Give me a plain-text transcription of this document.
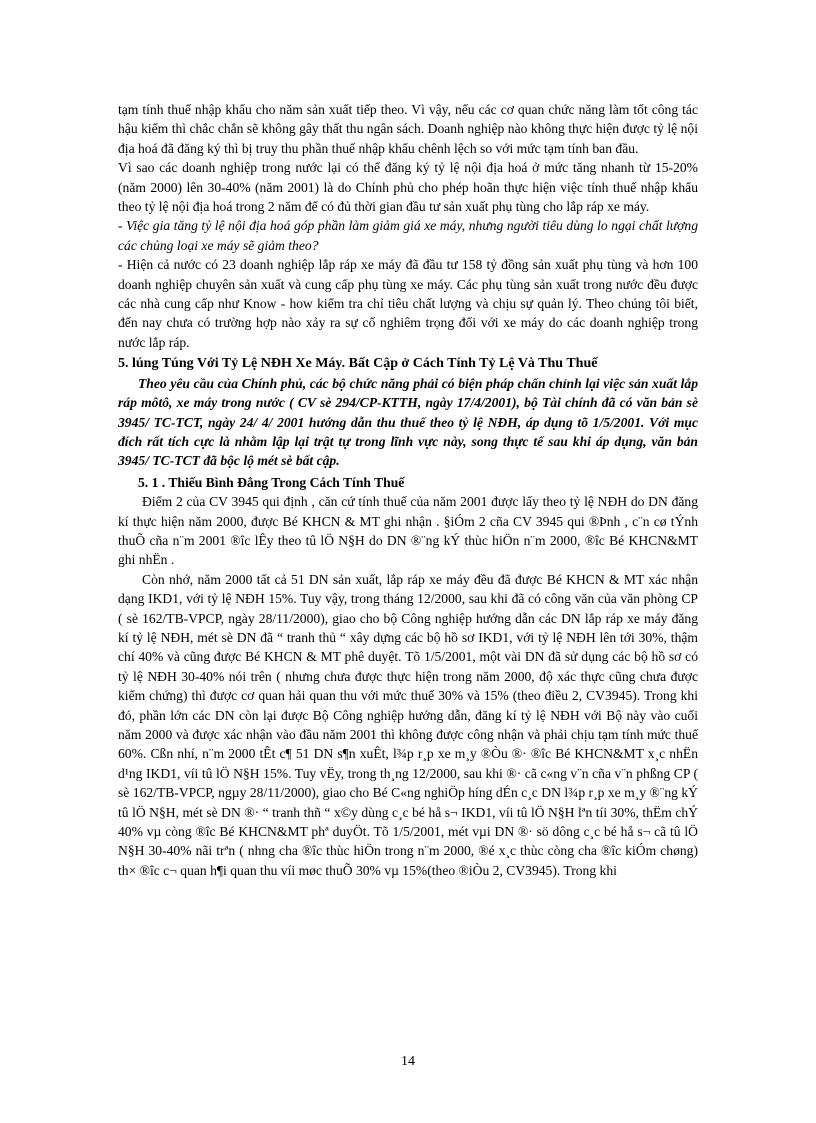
tạm tính thuế nhập khẩu cho năm sản xuất tiếp theo. Vì vậy, nếu các cơ quan chức năng làm tốt công tác hậu kiểm thì chắc chắn sẽ không gây thất thu ngân sách. Doanh nghiệp nào không thực hiện được tỷ lệ nội địa hoá đã đăng ký thì bị truy thu phần thuế nhập khẩu chênh lệch so với mức tạm tính ban đầu.

Vì sao các doanh nghiệp trong nước lại có thể đăng ký tỷ lệ nội địa hoá ở mức tăng nhanh từ 15-20% (năm 2000) lên 30-40% (năm 2001) là do Chính phủ cho phép hoãn thực hiện việc tính thuế nhập khẩu theo tỷ lệ nội địa hoá trong 2 năm để có đủ thời gian đầu tư sản xuất phụ tùng cho lắp ráp xe máy.

- Việc gia tăng tỷ lệ nội địa hoá góp phần làm giảm giá xe máy, nhưng người tiêu dùng lo ngại chất lượng các chủng loại xe máy sẽ giảm theo?

- Hiện cả nước có 23 doanh nghiệp lắp ráp xe máy đã đầu tư 158 tỷ đồng sản xuất phụ tùng và hơn 100 doanh nghiệp chuyên sản xuất và cung cấp phụ tùng xe máy. Các phụ tùng sản xuất trong nước đều được các nhà cung cấp như Know - how kiểm tra chỉ tiêu chất lượng và chịu sự quản lý. Theo chúng tôi biết, đến nay chưa có trường hợp nào xảy ra sự cố nghiêm trọng đối với xe máy do các doanh nghiệp trong nước lắp ráp.

5. lúng Túng Với Tỷ Lệ NĐH Xe Máy. Bất Cập ở Cách Tính Tỷ Lệ Và Thu Thuế

Theo yêu cầu của Chính phủ, các bộ chức năng phải có biện pháp chấn chỉnh lại việc sản xuất lắp ráp môtô, xe máy trong nước ( CV sè 294/CP-KTTH, ngày 17/4/2001), bộ Tài chính đã có văn bản sè 3945/ TC-TCT, ngày 24/ 4/ 2001 hướng dẫn thu thuế theo tỷ lệ NĐH, áp dụng tõ 1/5/2001. Với mục đích rất tích cực là nhằm lập lại trật tự trong lĩnh vực này, song thực tế sau khi áp dụng, văn bản 3945/ TC-TCT đã bộc lộ mét sè bất cập.

5. 1 . Thiếu Bình Đẳng Trong Cách Tính Thuế

Điểm 2 của CV 3945 qui định , căn cứ tính thuế của năm 2001 được lấy theo tỷ lệ NĐH do DN đăng kí thực hiện năm 2000, được Bé KHCN & MT ghi nhận . §iÓm 2 cña CV 3945 qui ®Þnh , c¨n cø tÝnh thuÕ cña n¨m 2001 ®îc lÊy theo tû lÖ N§H do DN ®¨ng kÝ thùc hiÖn n¨m 2000, ®îc Bé KHCN&MT ghi nhËn .

Còn nhớ, năm 2000 tất cả 51 DN sản xuất, lắp ráp xe máy đều đã được Bé KHCN & MT xác nhận dạng IKD1, với tỷ lệ NĐH 15%. Tuy vậy, trong tháng 12/2000, sau khi đã có công văn của văn phòng CP ( sè 162/TB-VPCP, ngày 28/11/2000), giao cho bộ Công nghiệp hướng dẫn các DN lắp ráp xe máy đăng kí tỷ lệ NĐH, mét sè DN đã “ tranh thủ “ xây dựng các bộ hồ sơ IKD1, với tỷ lệ NĐH lên tới 30%, thậm chí 40% và cũng được Bé KHCN & MT phê duyệt. Tõ 1/5/2001, một vài DN đã sử dụng các bộ hồ sơ có tỷ lệ NĐH 30-40% nói trên ( nhưng chưa được thực hiện trong năm 2000, độ xác thực cũng chưa được kiểm chứng) thì được cơ quan hải quan thu với mức thuế 30% và 15% (theo điều 2, CV3945). Trong khi đó, phần lớn các DN còn lại được Bộ Công nghiệp hướng dẫn, đăng kí tỷ lệ NĐH với Bộ này vào cuối năm 2000 và được xác nhận vào đầu năm 2001 thì không được công nhận và phải chịu tạm tính mức thuế 60%. Cßn nhí, n¨m 2000 tÊt c¶ 51 DN s¶n xuÊt, l¾p r¸p xe m¸y ®Òu ®· ®îc Bé KHCN&MT x¸c nhËn d¹ng IKD1, víi tû lÖ N§H 15%. Tuy vËy, trong th¸ng 12/2000, sau khi ®· cã c«ng v¨n cña v¨n phßng CP ( sè 162/TB-VPCP, ngµy 28/11/2000), giao cho Bé C«ng nghiÖp híng dÉn c¸c DN l¾p r¸p xe m¸y ®¨ng kÝ tû lÖ N§H, mét sè DN ®· “ tranh thñ “ x©y dùng c¸c bé hå s¬ IKD1, víi tû lÖ N§H lªn tíi 30%, thËm chÝ 40% vµ còng ®îc Bé KHCN&MT phª duyÖt. Tõ 1/5/2001, mét vµi DN ®· sö dông c¸c bé hå s¬ cã tû lÖ N§H 30-40% nãi trªn ( nhng cha ®îc thùc hiÖn trong n¨m 2000, ®é x¸c thùc còng cha ®îc kiÓm chøng) th× ®îc c¬ quan h¶i quan thu víi møc thuÕ 30% vµ 15%(theo ®iÒu 2, CV3945). Trong khi

14
